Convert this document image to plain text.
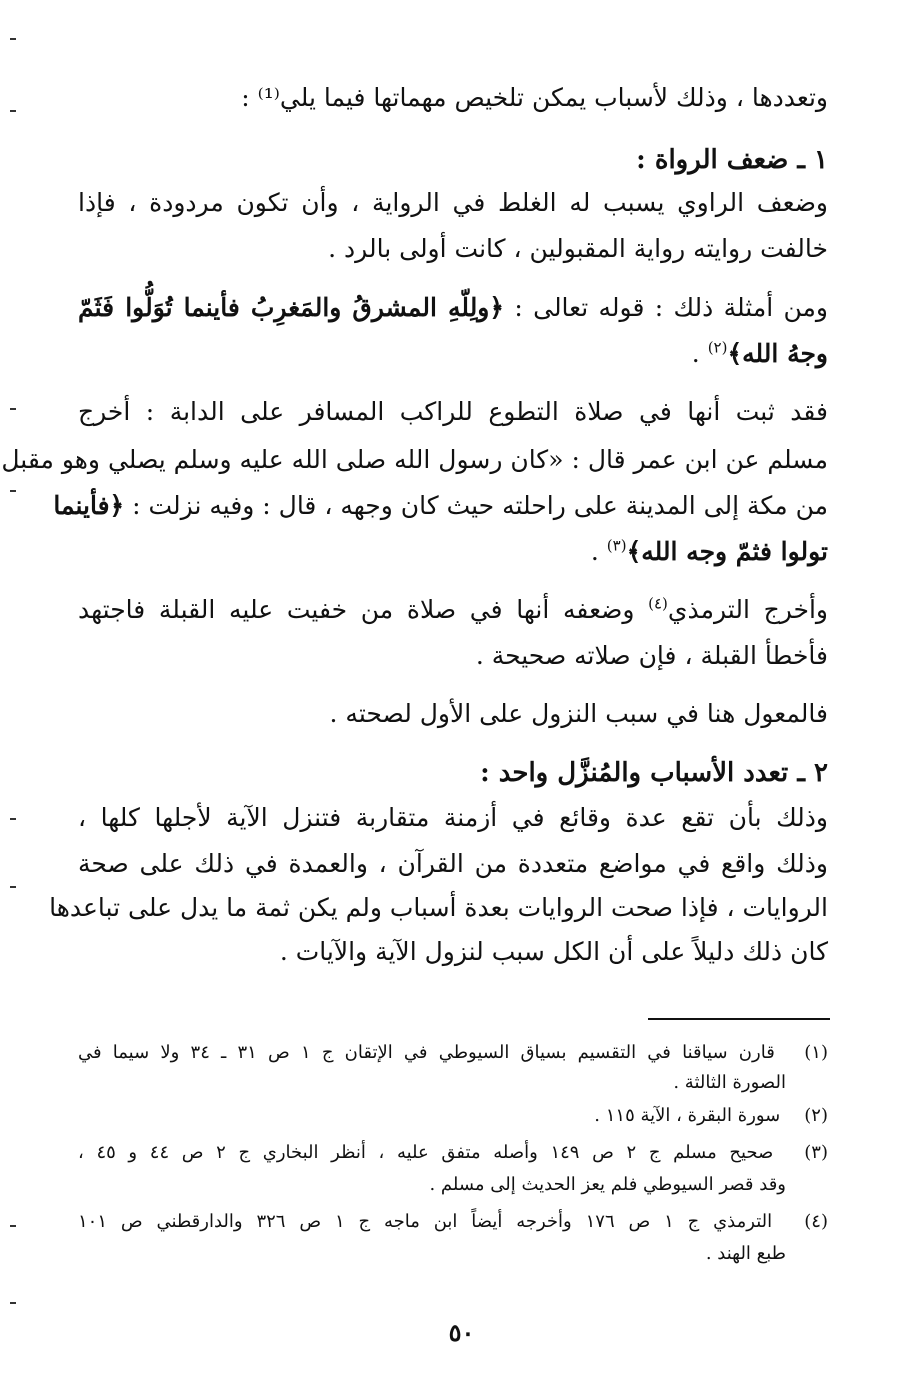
وتعددها ، وذلك لأسباب يمكن تلخيص مهماتها فيما يلي⁽¹⁾ :
١ ـ ضعف الرواة :
وضعف الراوي يسبب له الغلط في الرواية ، وأن تكون مردودة ، فإذا
خالفت روايته رواية المقبولين ، كانت أولى بالرد .
ومن أمثلة ذلك : قوله تعالى : ﴿ولِلّهِ المشرقُ والمَغرِبُ فأينما تُوَلُّوا فَثَمّ
وجهُ الله﴾$^{(٢)}$ .
فقد ثبت أنها في صلاة التطوع للراكب المسافر على الدابة : أخرج
مسلم عن ابن عمر قال : «كان رسول الله صلى الله عليه وسلم يصلي وهو مقبل
من مكة إلى المدينة على راحلته حيث كان وجهه ، قال : وفيه نزلت : ﴿فأينما
تولوا فثمّ وجه الله﴾$^{(٣)}$ .
وأخرج الترمذي$^{(٤)}$ وضعفه أنها في صلاة من خفيت عليه القبلة فاجتهد
فأخطأ القبلة ، فإن صلاته صحيحة .
فالمعول هنا في سبب النزول على الأول لصحته .
٢ ـ تعدد الأسباب والمُنزَّل واحد :
وذلك بأن تقع عدة وقائع في أزمنة متقاربة فتنزل الآية لأجلها كلها ،
وذلك واقع في مواضع متعددة من القرآن ، والعمدة في ذلك على صحة
الروايات ، فإذا صحت الروايات بعدة أسباب ولم يكن ثمة ما يدل على تباعدها
كان ذلك دليلاً على أن الكل سبب لنزول الآية والآيات .
(١) قارن سياقنا في التقسيم بسياق السيوطي في الإتقان ج ١ ص ٣١ ـ ٣٤ ولا سيما في
الصورة الثالثة .
(٢) سورة البقرة ، الآية ١١٥ .
(٣) صحيح مسلم ج ٢ ص ١٤٩ وأصله متفق عليه ، أنظر البخاري ج ٢ ص ٤٤ و ٤٥ ،
وقد قصر السيوطي فلم يعز الحديث إلى مسلم .
(٤) الترمذي ج ١ ص ١٧٦ وأخرجه أيضاً ابن ماجه ج ١ ص ٣٢٦ والدارقطني ص ١٠١
طبع الهند .
٥٠
